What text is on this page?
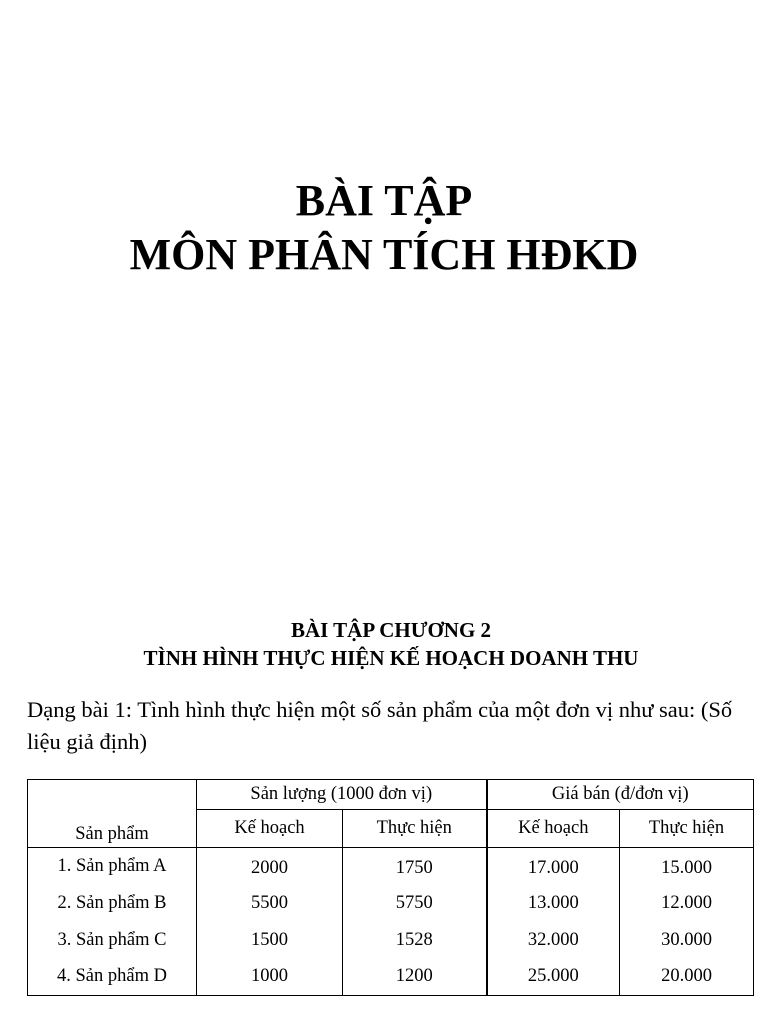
BÀI TẬP
MÔN PHÂN TÍCH HĐKD
BÀI TẬP CHƯƠNG 2
TÌNH HÌNH THỰC HIỆN KẾ HOẠCH DOANH THU

Dạng bài 1: Tình hình thực hiện một số sản phẩm của một đơn vị như sau: (Số liệu giả định)

Sản phẩm	Sản lượng (1000 đơn vị)		Giá bán (đ/đơn vị)	
	Kế hoạch	Thực hiện	Kế hoạch	Thực hiện
1. Sản phẩm A	2000	1750	17.000	15.000
2. Sản phẩm B	5500	5750	13.000	12.000
3. Sản phẩm C	1500	1528	32.000	30.000
4. Sản phẩm D	1000	1200	25.000	20.000
